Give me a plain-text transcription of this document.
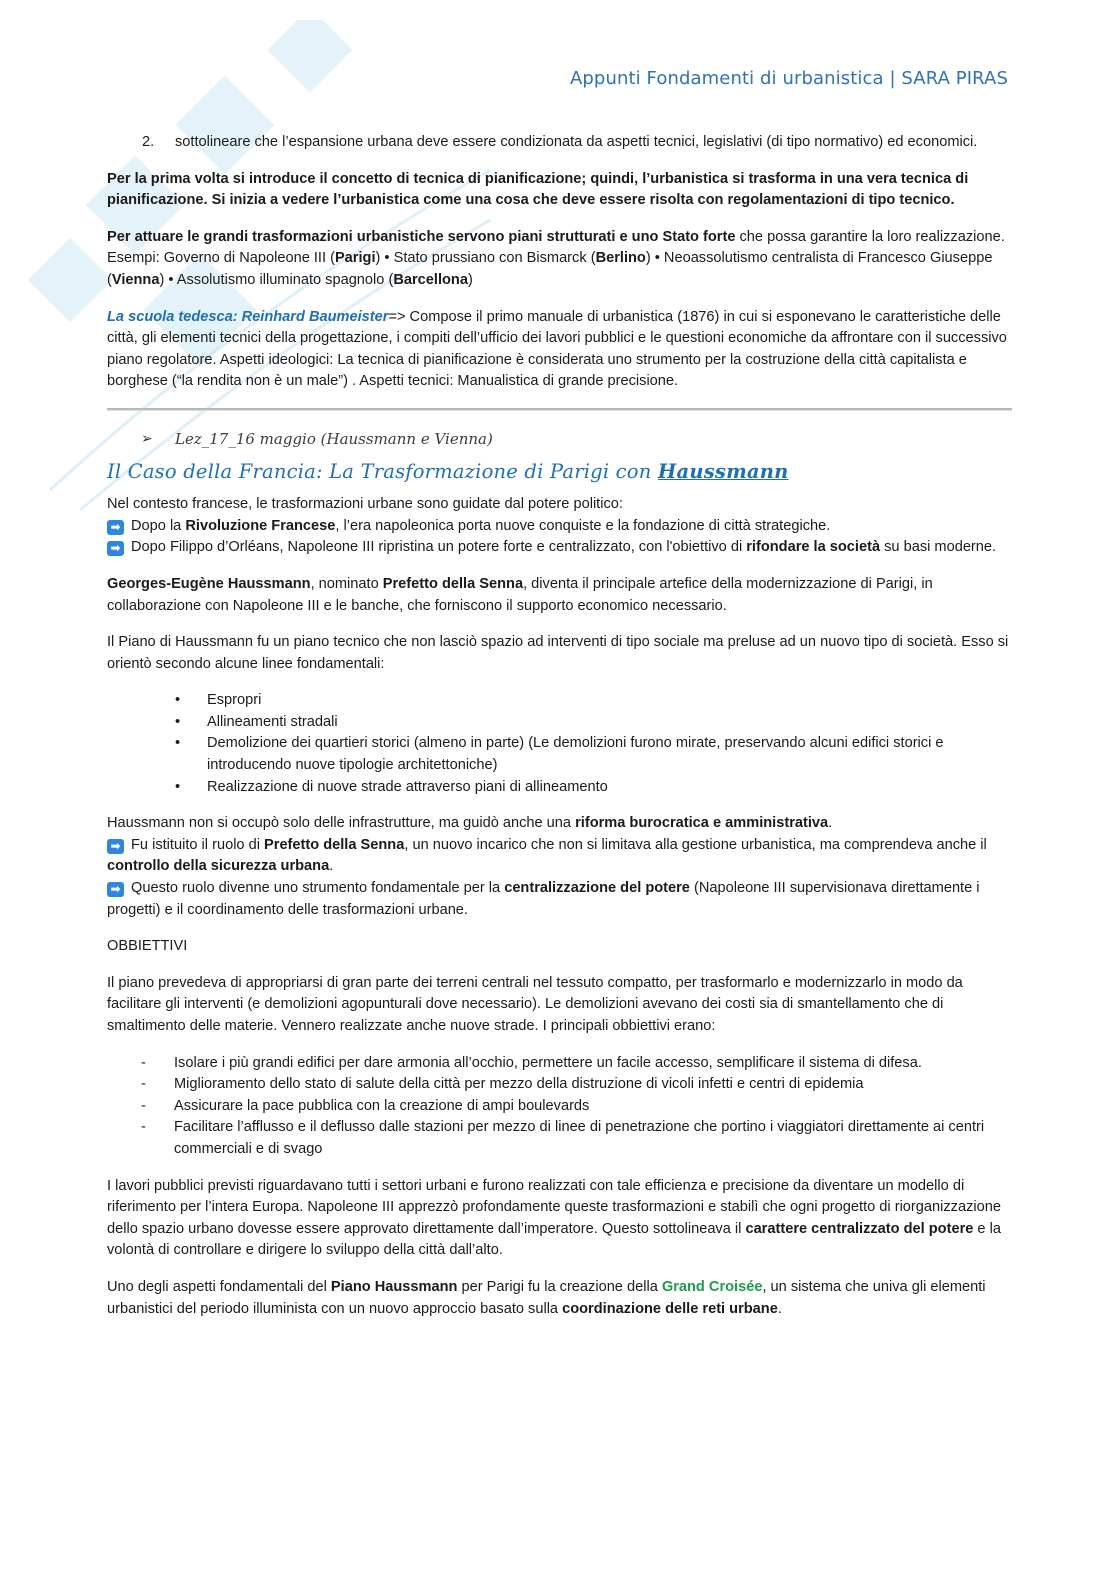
Appunti Fondamenti di urbanistica | SARA PIRAS
2. sottolineare che l’espansione urbana deve essere condizionata da aspetti tecnici, legislativi (di tipo normativo) ed economici.

Per la prima volta si introduce il concetto di tecnica di pianificazione; quindi, l’urbanistica si trasforma in una vera tecnica di pianificazione. Si inizia a vedere l’urbanistica come una cosa che deve essere risolta con regolamentazioni di tipo tecnico.

Per attuare le grandi trasformazioni urbanistiche servono piani strutturati e uno Stato forte che possa garantire la loro realizzazione. Esempi: Governo di Napoleone III (Parigi) • Stato prussiano con Bismarck (Berlino) • Neoassolutismo centralista di Francesco Giuseppe (Vienna) • Assolutismo illuminato spagnolo (Barcellona)

La scuola tedesca: Reinhard Baumeister=> Compose il primo manuale di urbanistica (1876) in cui si esponevano le caratteristiche delle città, gli elementi tecnici della progettazione, i compiti dell’ufficio dei lavori pubblici e le questioni economiche da affrontare con il successivo piano regolatore. Aspetti ideologici: La tecnica di pianificazione è considerata uno strumento per la costruzione della città capitalista e borghese (“la rendita non è un male”) . Aspetti tecnici: Manualistica di grande precisione.

➢ Lez_17_16 maggio (Haussmann e Vienna)
Il Caso della Francia: La Trasformazione di Parigi con Haussmann

Nel contesto francese, le trasformazioni urbane sono guidate dal potere politico:

➡ Dopo la Rivoluzione Francese, l’era napoleonica porta nuove conquiste e la fondazione di città strategiche.

➡ Dopo Filippo d’Orléans, Napoleone III ripristina un potere forte e centralizzato, con l'obiettivo di rifondare la società su basi moderne.

Georges-Eugène Haussmann, nominato Prefetto della Senna, diventa il principale artefice della modernizzazione di Parigi, in collaborazione con Napoleone III e le banche, che forniscono il supporto economico necessario.

Il Piano di Haussmann fu un piano tecnico che non lasciò spazio ad interventi di tipo sociale ma preluse ad un nuovo tipo di società. Esso si orientò secondo alcune linee fondamentali:

• Espropri
• Allineamenti stradali
• Demolizione dei quartieri storici (almeno in parte) (Le demolizioni furono mirate, preservando alcuni edifici storici e introducendo nuove tipologie architettoniche)
• Realizzazione di nuove strade attraverso piani di allineamento

Haussmann non si occupò solo delle infrastrutture, ma guidò anche una riforma burocratica e amministrativa.

➡ Fu istituito il ruolo di Prefetto della Senna, un nuovo incarico che non si limitava alla gestione urbanistica, ma comprendeva anche il controllo della sicurezza urbana.

➡ Questo ruolo divenne uno strumento fondamentale per la centralizzazione del potere (Napoleone III supervisionava direttamente i progetti) e il coordinamento delle trasformazioni urbane.

OBBIETTIVI

Il piano prevedeva di appropriarsi di gran parte dei terreni centrali nel tessuto compatto, per trasformarlo e modernizzarlo in modo da facilitare gli interventi (e demolizioni agopunturali dove necessario). Le demolizioni avevano dei costi sia di smantellamento che di smaltimento delle materie. Vennero realizzate anche nuove strade. I principali obbiettivi erano:

- Isolare i più grandi edifici per dare armonia all’occhio, permettere un facile accesso, semplificare il sistema di difesa.
- Miglioramento dello stato di salute della città per mezzo della distruzione di vicoli infetti e centri di epidemia
- Assicurare la pace pubblica con la creazione di ampi boulevards
- Facilitare l’afflusso e il deflusso dalle stazioni per mezzo di linee di penetrazione che portino i viaggiatori direttamente ai centri commerciali e di svago

I lavori pubblici previsti riguardavano tutti i settori urbani e furono realizzati con tale efficienza e precisione da diventare un modello di riferimento per l’intera Europa. Napoleone III apprezzò profondamente queste trasformazioni e stabilì che ogni progetto di riorganizzazione dello spazio urbano dovesse essere approvato direttamente dall’imperatore. Questo sottolineava il carattere centralizzato del potere e la volontà di controllare e dirigere lo sviluppo della città dall’alto.

Uno degli aspetti fondamentali del Piano Haussmann per Parigi fu la creazione della Grand Croisée, un sistema che univa gli elementi urbanistici del periodo illuminista con un nuovo approccio basato sulla coordinazione delle reti urbane.
